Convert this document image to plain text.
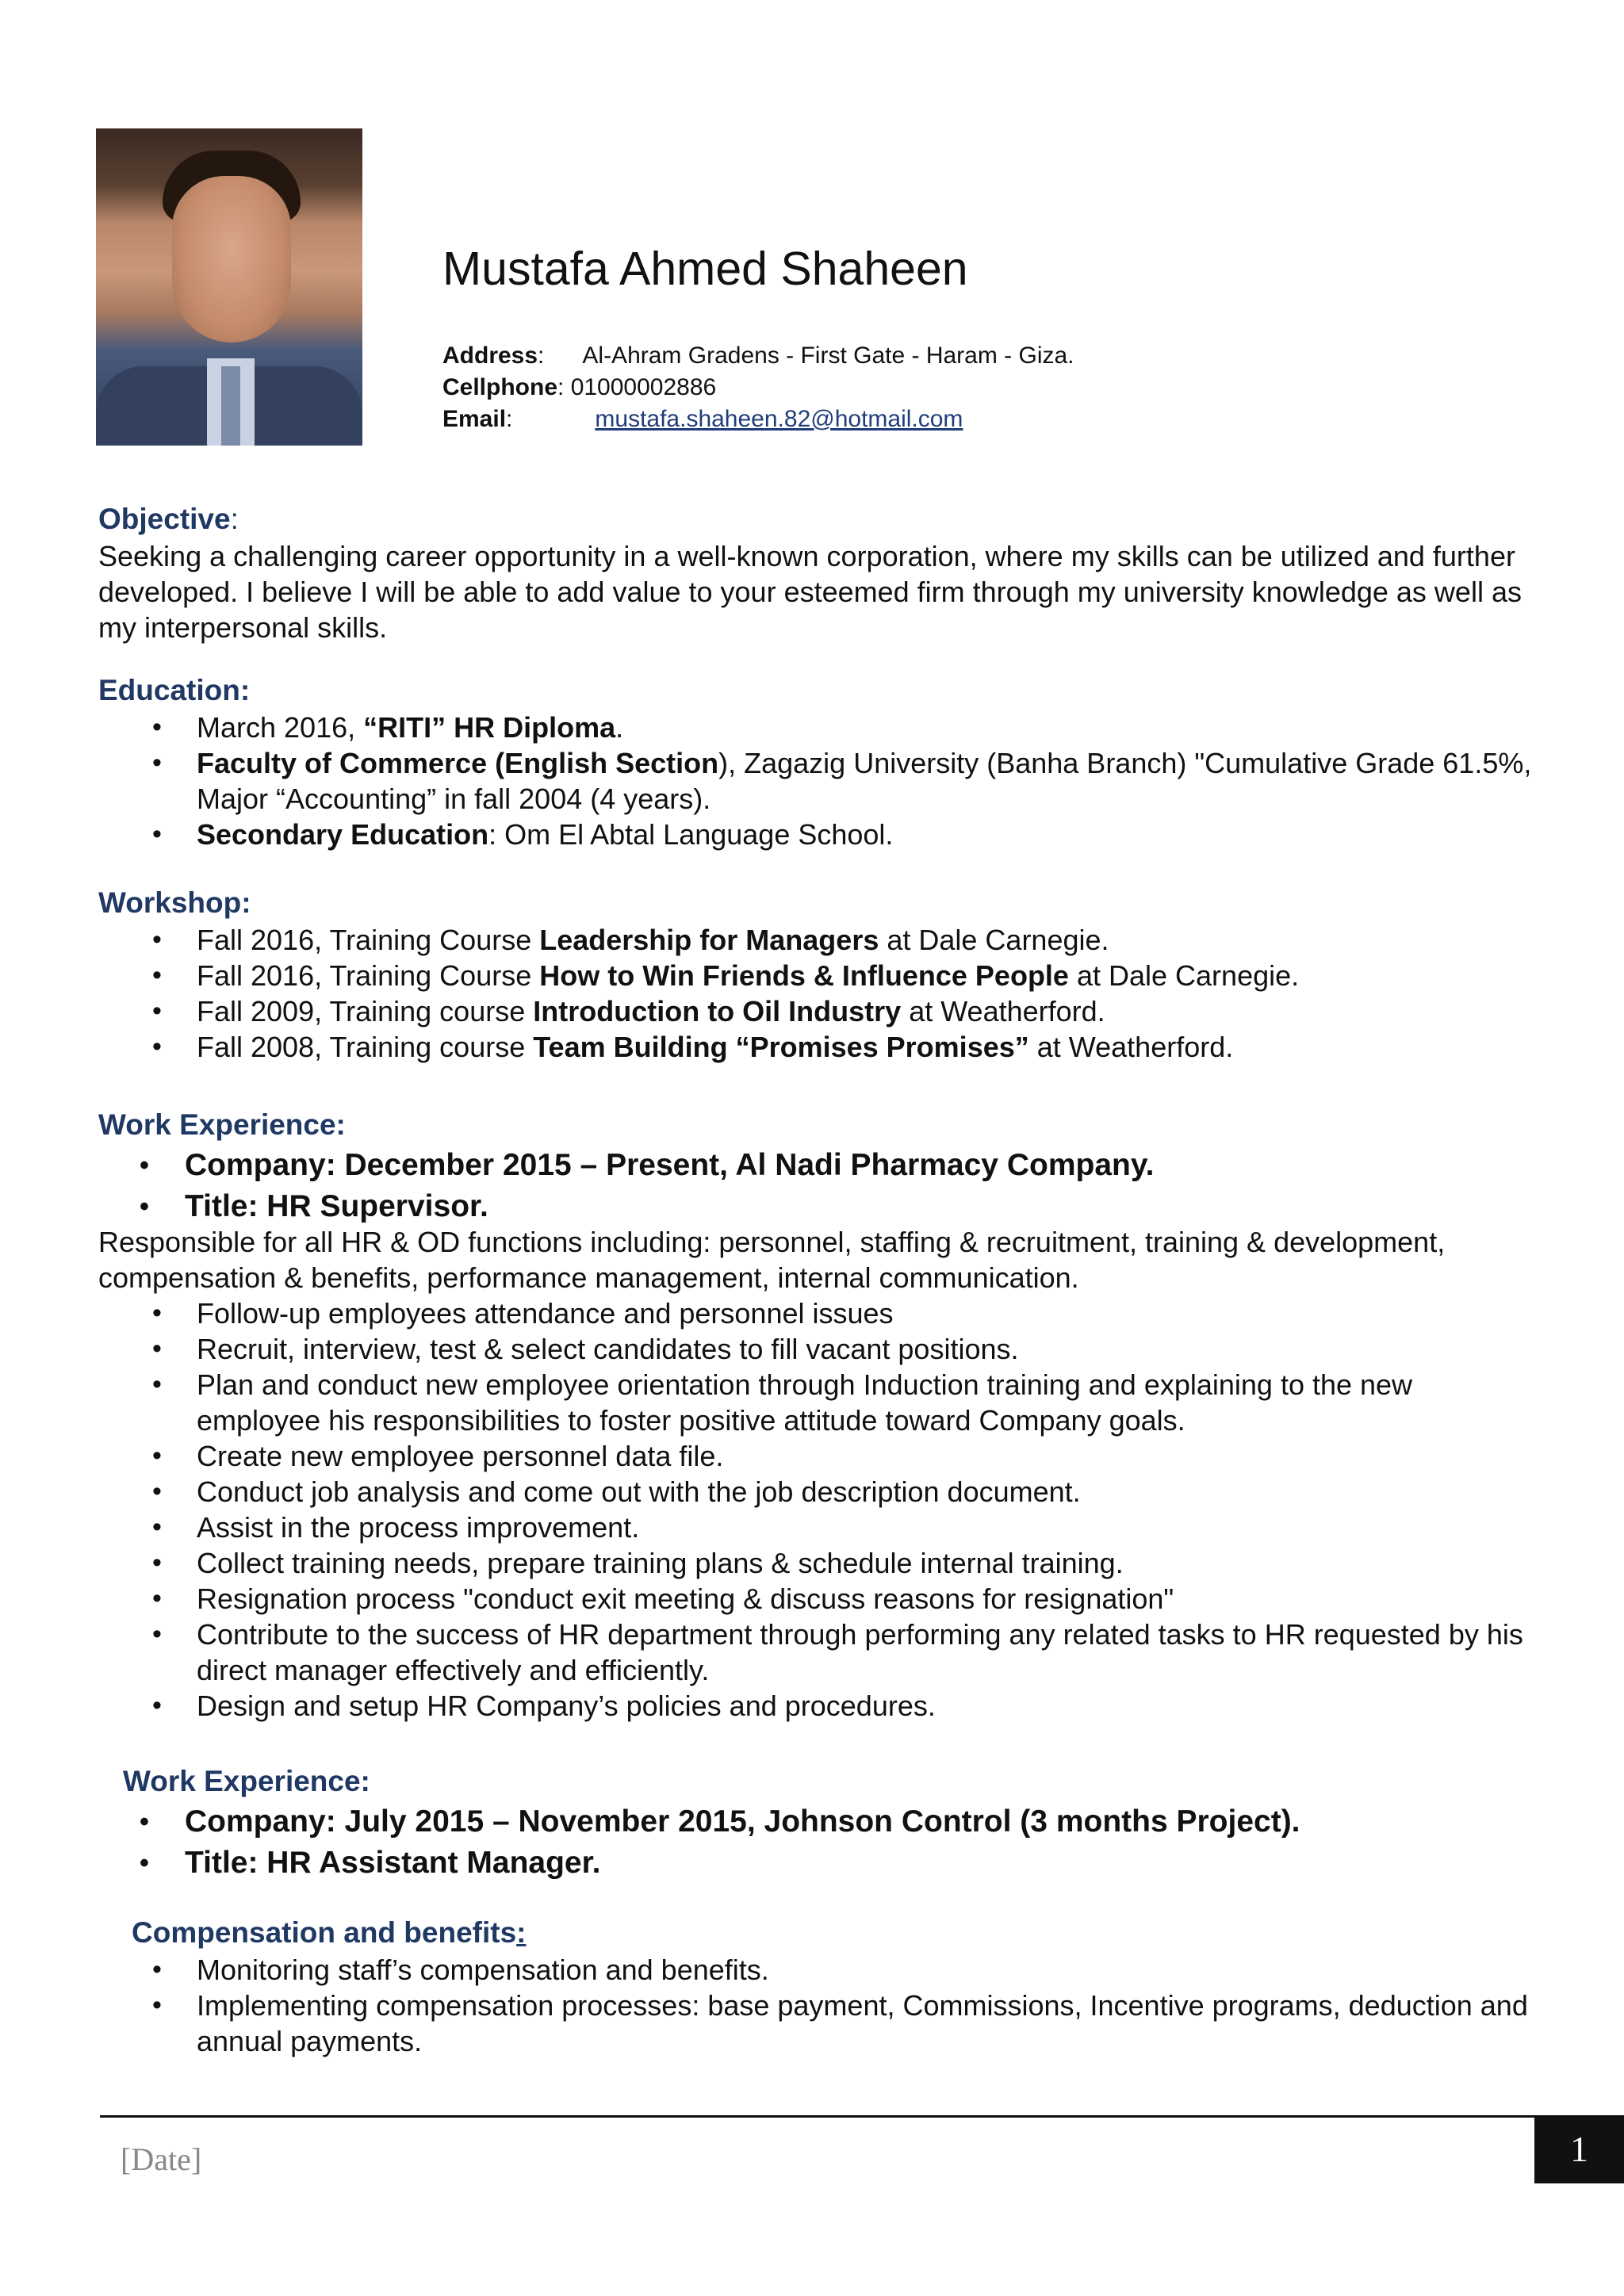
Mustafa Ahmed Shaheen
Address: Al-Ahram Gradens - First Gate - Haram - Giza.
Cellphone: 01000002886
Email:	mustafa.shaheen.82@hotmail.com
Objective:
Seeking a challenging career opportunity in a well-known corporation, where my skills can be utilized and further developed. I believe I will be able to add value to your esteemed firm through my university knowledge as well as my interpersonal skills.
Education:
• March 2016, “RITI” HR Diploma.
• Faculty of Commerce (English Section), Zagazig University (Banha Branch) "Cumulative Grade 61.5%, Major “Accounting” in fall 2004 (4 years).
• Secondary Education: Om El Abtal Language School.
Workshop:
• Fall 2016, Training Course Leadership for Managers at Dale Carnegie.
• Fall 2016, Training Course How to Win Friends & Influence People at Dale Carnegie.
• Fall 2009, Training course Introduction to Oil Industry at Weatherford.
• Fall 2008, Training course Team Building “Promises Promises” at Weatherford.
Work Experience:
• Company: December 2015 – Present, Al Nadi Pharmacy Company.
• Title: HR Supervisor.
Responsible for all HR & OD functions including: personnel, staffing & recruitment, training & development, compensation & benefits, performance management, internal communication.
• Follow-up employees attendance and personnel issues
• Recruit, interview, test & select candidates to fill vacant positions.
• Plan and conduct new employee orientation through Induction training and explaining to the new employee his responsibilities to foster positive attitude toward Company goals.
• Create new employee personnel data file.
• Conduct job analysis and come out with the job description document.
• Assist in the process improvement.
• Collect training needs, prepare training plans & schedule internal training.
• Resignation process "conduct exit meeting & discuss reasons for resignation"
• Contribute to the success of HR department through performing any related tasks to HR requested by his direct manager effectively and efficiently.
• Design and setup HR Company’s policies and procedures.
Work Experience:
• Company: July 2015 – November 2015, Johnson Control (3 months Project).
• Title: HR Assistant Manager.
Compensation and benefits:
• Monitoring staff’s compensation and benefits.
• Implementing compensation processes: base payment, Commissions, Incentive programs, deduction and annual payments.
[Date]	1
